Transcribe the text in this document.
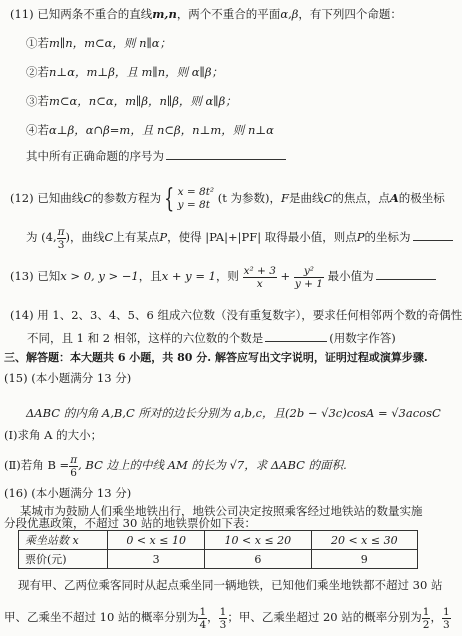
(11) 已知两条不重合的直线m,n，两个不重合的平面α,β，有下列四个命题：
①若m∥n，m⊂α，则 n∥α；
②若n⊥α，m⊥β，且 m∥n，则 α∥β；
③若m⊂α，n⊂α，m∥β，n∥β，则 α∥β；
④若α⊥β，α∩β=m，且 n⊂β，n⊥m，则 n⊥α
其中所有正确命题的序号为
(12) 已知曲线C的参数方程为 { x = 8t²
y = 8t (t 为参数)，F是曲线C的焦点，点A的极坐标
为 (4, $\frac{\pi}{3}$ )，曲线C上有某点P，使得 |PA|+|PF| 取得最小值，则点P的坐标为
(13) 已知x > 0, y > −1，且x + y = 1，则 $\frac{\text{x² + 3}}{x} + \frac{\text{y²}}{y + 1}$ 最小值为
(14) 用 1、2、3、4、5、6 组成六位数（没有重复数字），要求任何相邻两个数的奇偶性
不同，且 1 和 2 相邻，这样的六位数的个数是	(用数字作答)
三、解答题：本大题共 6 小题，共 80 分. 解答应写出文字说明，证明过程或演算步骤.
(15) (本小题满分 13 分)
ΔABC 的内角 A,B,C 所对的边长分别为 a,b,c，且(2b − √3c)cosA = √3acosC
(Ⅰ)求角 A 的大小；
(Ⅱ)若角 $B = \frac{\pi}{6}$ , BC 边上的中线 AM 的长为 √7，求 ΔABC 的面积.
(16) (本小题满分 13 分)
某城市为鼓励人们乘坐地铁出行，地铁公司决定按照乘客经过地铁站的数量实施
分段优惠政策，不超过 30 站的地铁票价如下表：
乘坐站数 x	0 < x ≤ 10	10 < x ≤ 20	20 < x ≤ 30
票价(元)	3	6	9
现有甲、乙两位乘客同时从起点乘坐同一辆地铁，已知他们乘坐地铁都不超过 30 站
甲、乙乘坐不超过 10 站的概率分别为 $\frac{1}{4}$ ， $\frac{1}{3}$ ；甲、乙乘坐超过 20 站的概率分别为 $\frac{1}{2}$ ， $\frac{1}{3}$
